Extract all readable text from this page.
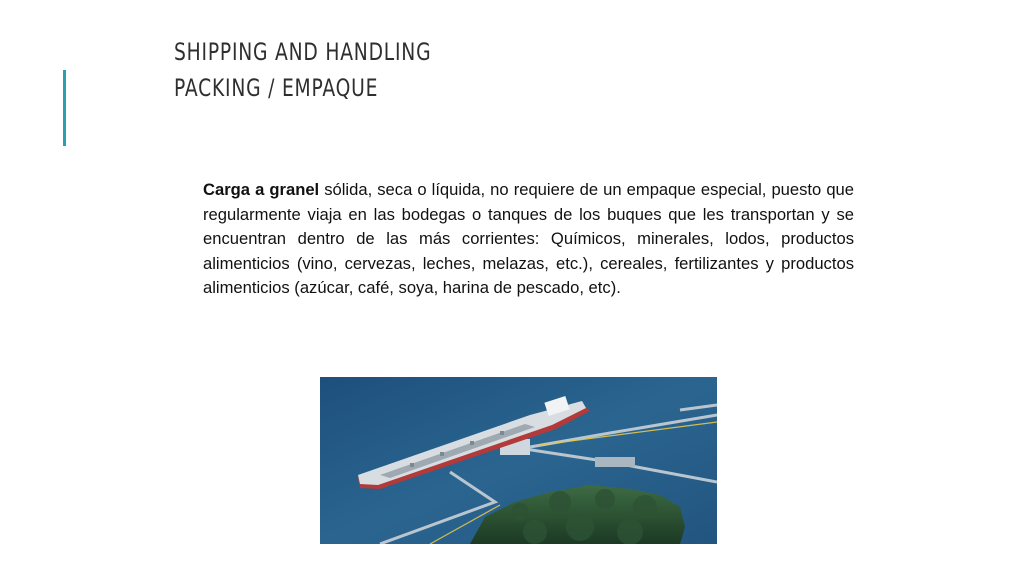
SHIPPING AND HANDLING
PACKING / EMPAQUE
Carga a granel sólida, seca o líquida, no requiere de un empaque especial, puesto que regularmente viaja en las bodegas o tanques de los buques que les transportan y se encuentran dentro de las más corrientes: Químicos, minerales, lodos, productos alimenticios (vino, cervezas, leches, melazas, etc.), cereales, fertilizantes y productos alimenticios (azúcar, café, soya, harina de pescado, etc).
